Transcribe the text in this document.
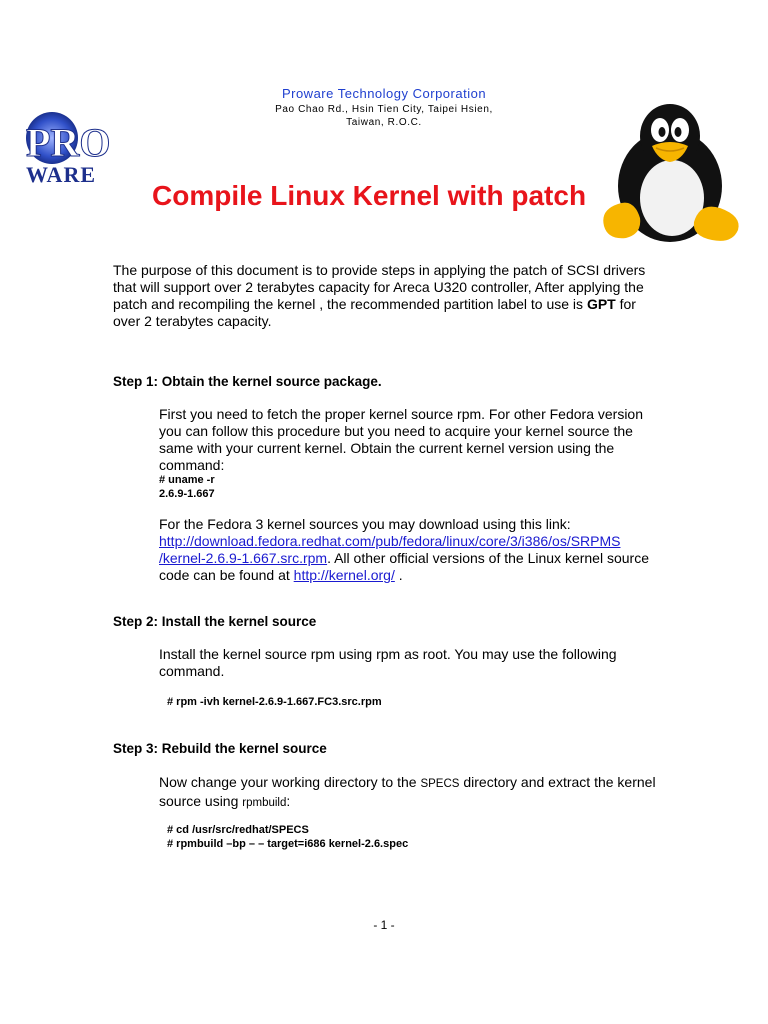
Proware Technology Corporation
Pao Chao Rd., Hsin Tien City, Taipei Hsien,
Taiwan, R.O.C.
PRO
WARE
Compile Linux Kernel with patch
The purpose of this document is to provide steps in applying the patch of SCSI drivers that will support over 2 terabytes capacity for Areca U320 controller, After applying the patch and recompiling the kernel , the recommended partition label to use is GPT for over 2 terabytes capacity.
Step 1: Obtain the kernel source package.
First you need to fetch the proper kernel source rpm. For other Fedora version you can follow this procedure but you need to acquire your kernel source the same with your current kernel. Obtain the current kernel version using the command:
# uname -r
2.6.9-1.667
For the Fedora 3 kernel sources you may download using this link: http://download.fedora.redhat.com/pub/fedora/linux/core/3/i386/os/SRPMS
/kernel-2.6.9-1.667.src.rpm. All other official versions of the Linux kernel source code can be found at http://kernel.org/ .
Step 2: Install the kernel source
Install the kernel source rpm using rpm as root. You may use the following command.
# rpm -ivh kernel-2.6.9-1.667.FC3.src.rpm
Step 3: Rebuild the kernel source
Now change your working directory to the SPECS directory and extract the kernel source using rpmbuild:
# cd /usr/src/redhat/SPECS
# rpmbuild –bp – – target=i686 kernel-2.6.spec
- 1 -
